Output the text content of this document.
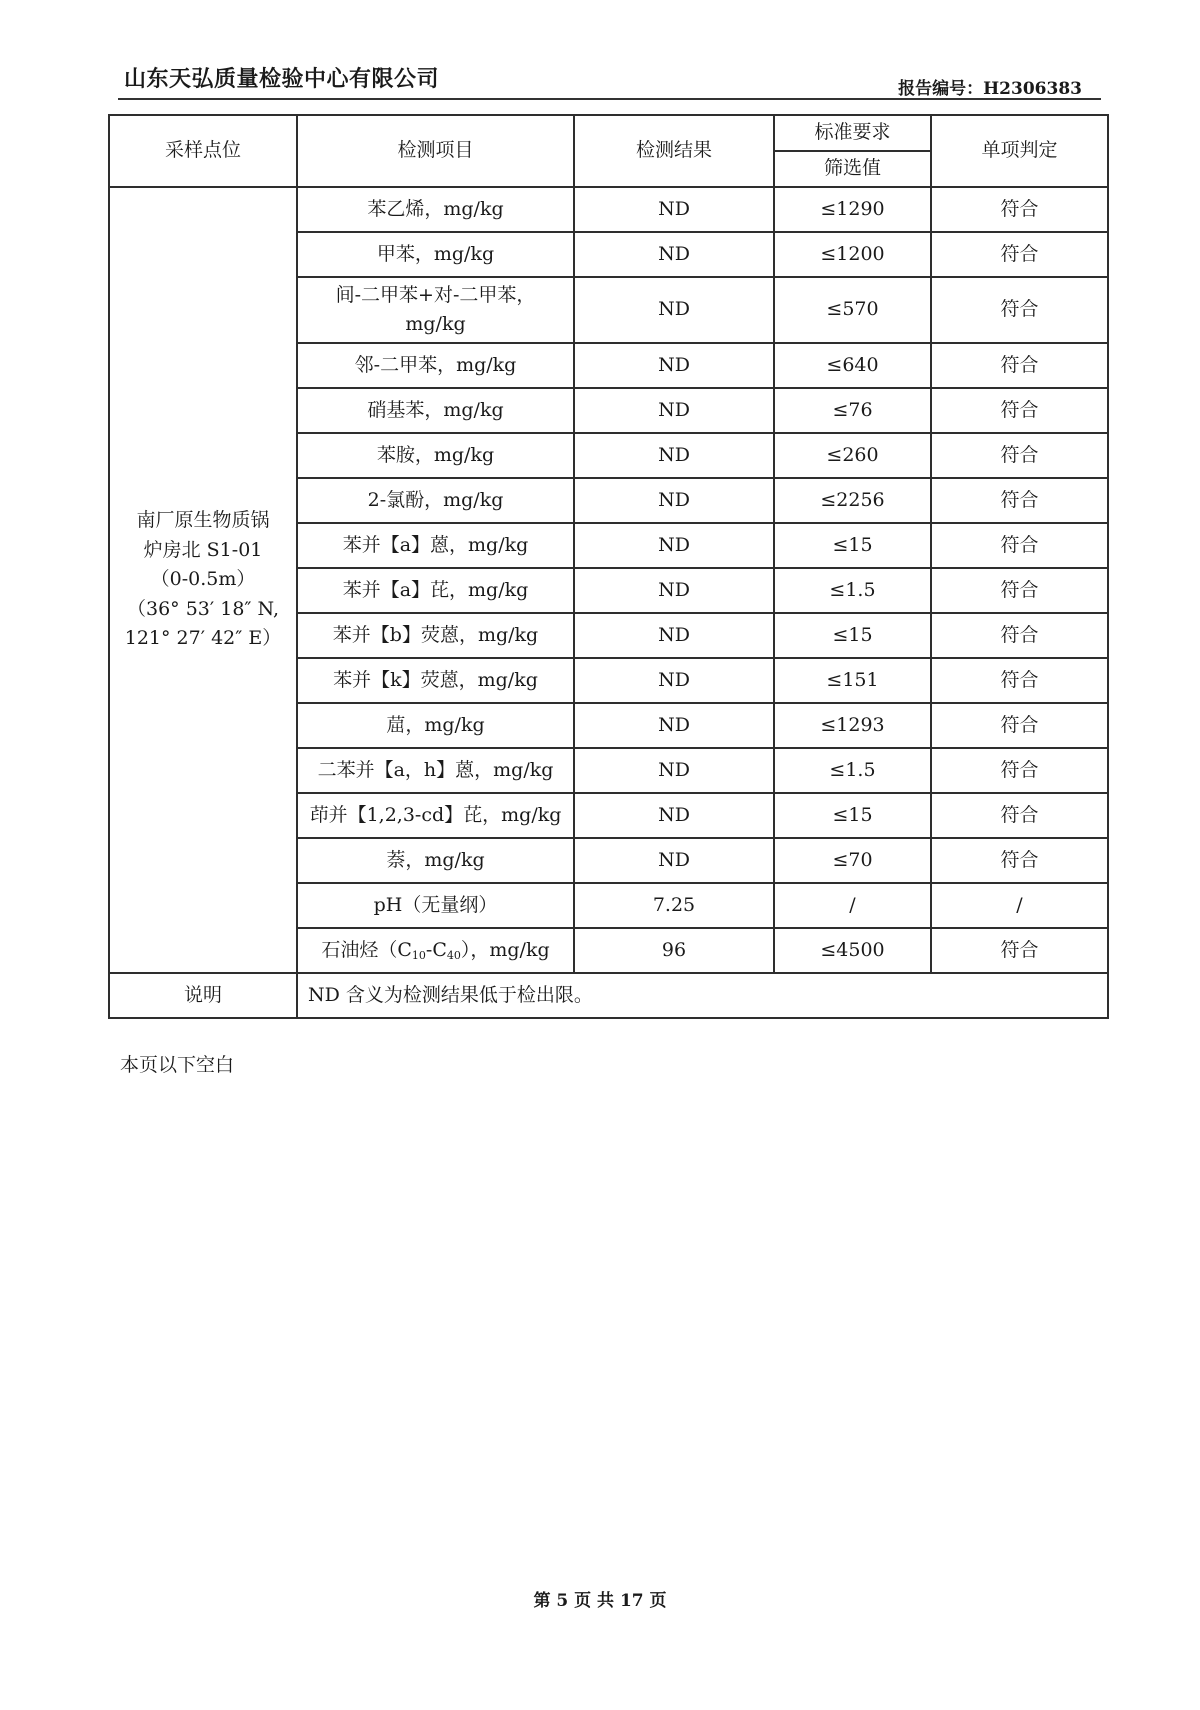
山东天弘质量检验中心有限公司	报告编号：H2306383
采样点位	检测项目	检测结果	标准要求	单项判定
			筛选值	

南厂原生物质锅
炉房北 S1-01
（0-0.5m）
（36° 53′ 18″ N,
121° 27′ 42″ E）	苯乙烯，mg/kg	ND	≤1290	符合
	甲苯，mg/kg	ND	≤1200	符合

	间-二甲苯+对-二甲苯，
mg/kg	ND	≤570	符合
	邻-二甲苯，mg/kg	ND	≤640	符合
	硝基苯，mg/kg	ND	≤76	符合
	苯胺，mg/kg	ND	≤260	符合
	2-氯酚，mg/kg	ND	≤2256	符合
	苯并【a】蒽，mg/kg	ND	≤15	符合
	苯并【a】芘，mg/kg	ND	≤1.5	符合
	苯并【b】荧蒽，mg/kg	ND	≤15	符合
	苯并【k】荧蒽，mg/kg	ND	≤151	符合
	䓛，mg/kg	ND	≤1293	符合
	二苯并【a，h】蒽，mg/kg	ND	≤1.5	符合
	茚并【1,2,3-cd】芘，mg/kg	ND	≤15	符合
	萘，mg/kg	ND	≤70	符合
	pH（无量纲）	7.25	/	/
	石油烃$(C_{10}-C_{40})$，mg/kg	96	≤4500	符合
说明	ND 含义为检测结果低于检出限。			
本页以下空白
第 5 页 共 17 页
